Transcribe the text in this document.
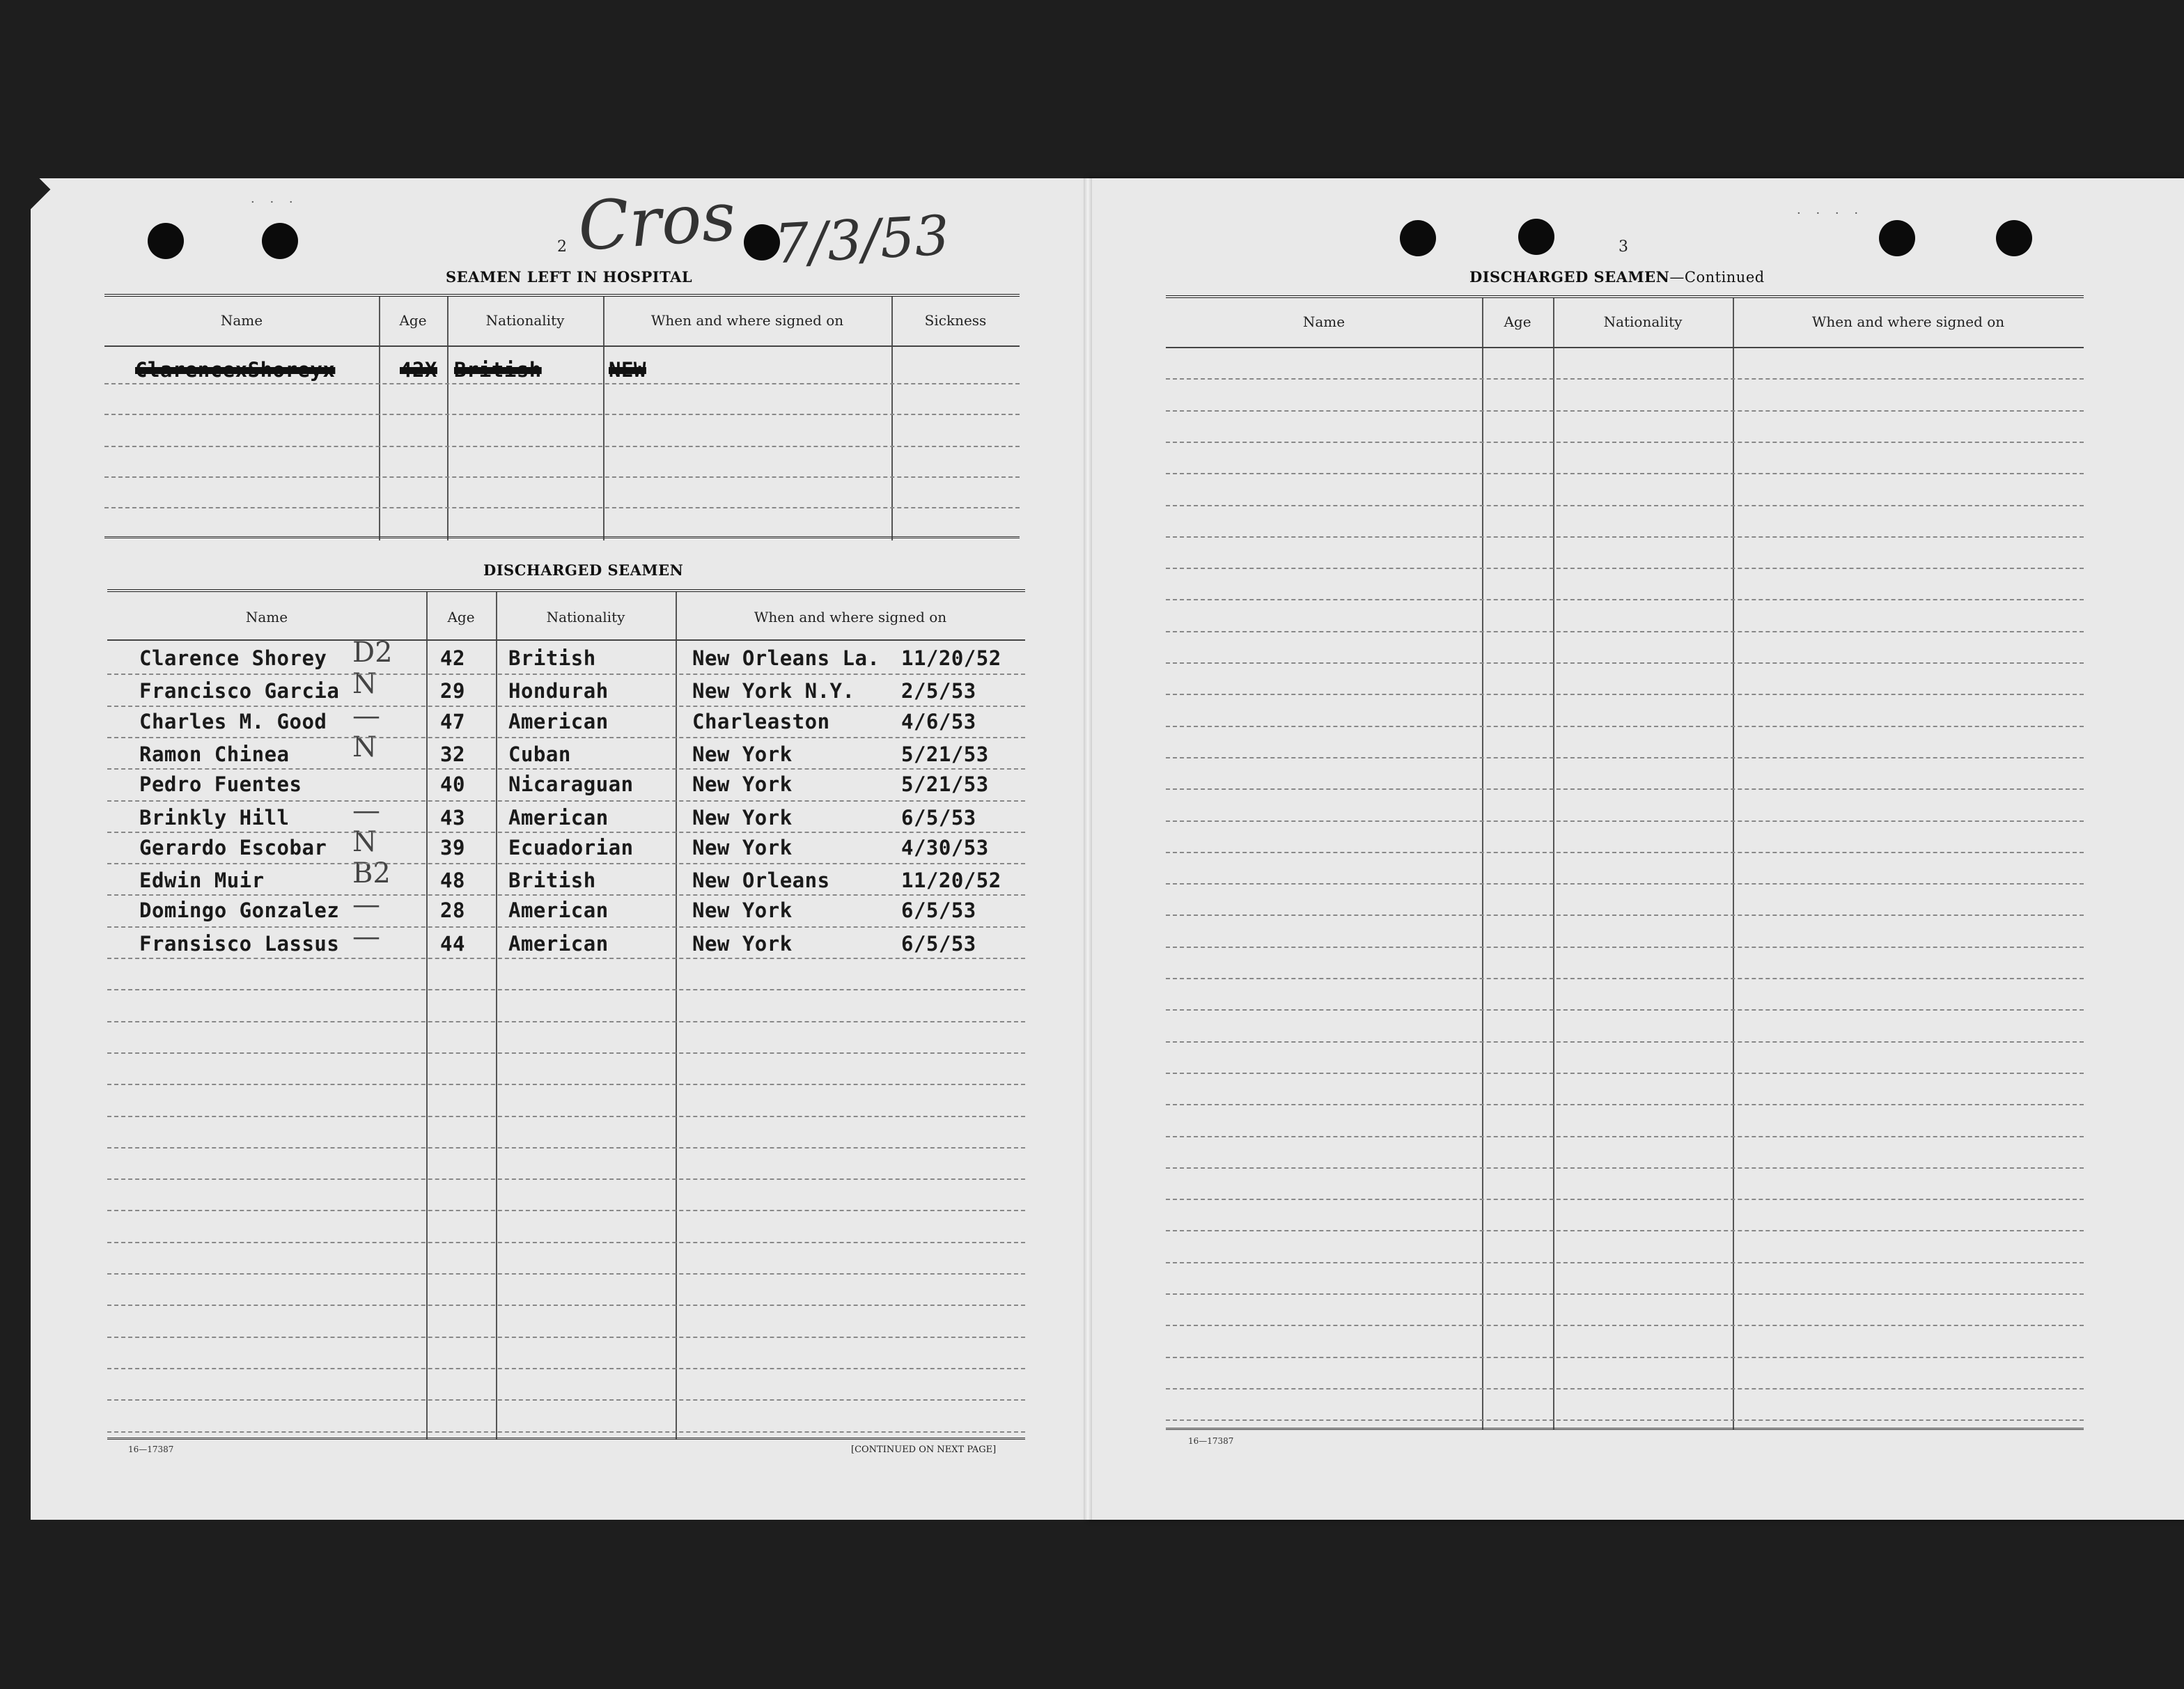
· · ·
· · · ·
Cros 7/3/53
2
SEAMEN LEFT IN HOSPITAL
Name	Age	Nationality	When and where signed on	Sickness
ClarencexShoreyx	42X British	NEW
DISCHARGED SEAMEN
Name	Age	Nationality	When and where signed on
Clarence Shorey	42 British	New Orleans La. 11/20/52
D2
Francisco Garcia	29 Hondurah	New York N.Y. 2/5/53
N
Charles M. Good	47 American	Charleaston	4/6/53
—
Ramon Chinea	32 Cuban	New York	5/21/53
N
Pedro Fuentes	40 Nicaraguan	New York	5/21/53
Brinkly Hill	43 American	New York	6/5/53
—
Gerardo Escobar	39 Ecuadorian	New York	4/30/53
N
Edwin Muir	48 British	New Orleans	11/20/52
B2
Domingo Gonzalez	28 American	New York	6/5/53
—
Fransisco Lassus	44 American	New York	6/5/53
—
16—17387	[CONTINUED ON NEXT PAGE]
3
DISCHARGED SEAMEN—Continued
Name	Age	Nationality	When and where signed on
16—17387
